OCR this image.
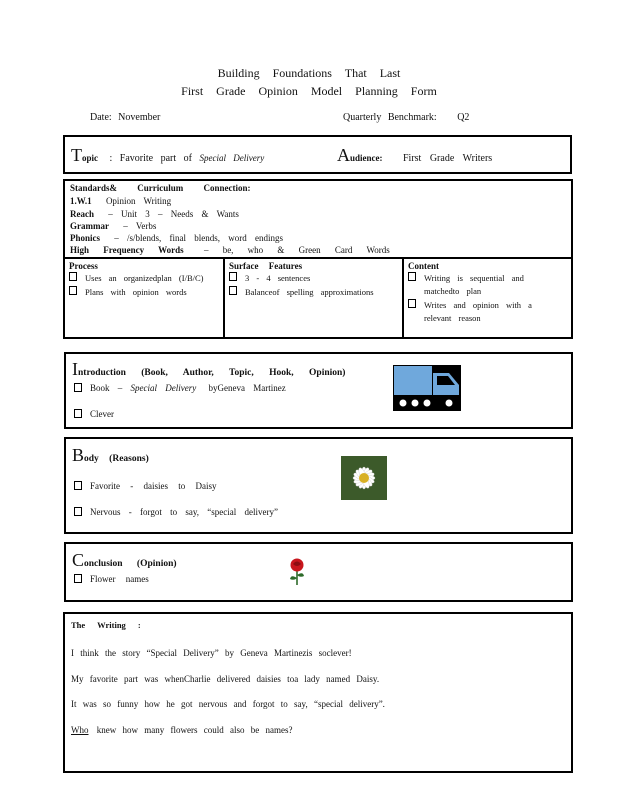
Building Foundations That Last
First Grade Opinion Model Planning Form
Date: November	Quarterly Benchmark: Q2
Topic : Favorite part of Special Delivery	Audience: First Grade Writers
Standards& Curriculum Connection:
1.W.1 Opinion Writing
Reach – Unit 3 – Needs & Wants
Grammar – Verbs
Phonics – /s/blends, final blends, word endings
High Frequency Words – be, who & Green Card Words
Process
Uses an organizedplan (I/B/C)
Plans with opinion words
Surface Features
3 - 4 sentences
Balanceof spelling approximations
Content
Writing is sequential and matchedto plan
Writes and opinion with a relevant reason
Introduction (Book, Author, Topic, Hook, Opinion)
Book – Special Delivery byGeneva Martinez
Clever
Body (Reasons)
Favorite - daisies to Daisy
Nervous - forgot to say, “special delivery”
Conclusion (Opinion)
Flower names
The Writing :
I think the story “Special Delivery” by Geneva Martinezis soclever!
My favorite part was whenCharlie delivered daisies toa lady named Daisy.
It was so funny how he got nervous and forgot to say, “special delivery”.
Who knew how many flowers could also be names?
